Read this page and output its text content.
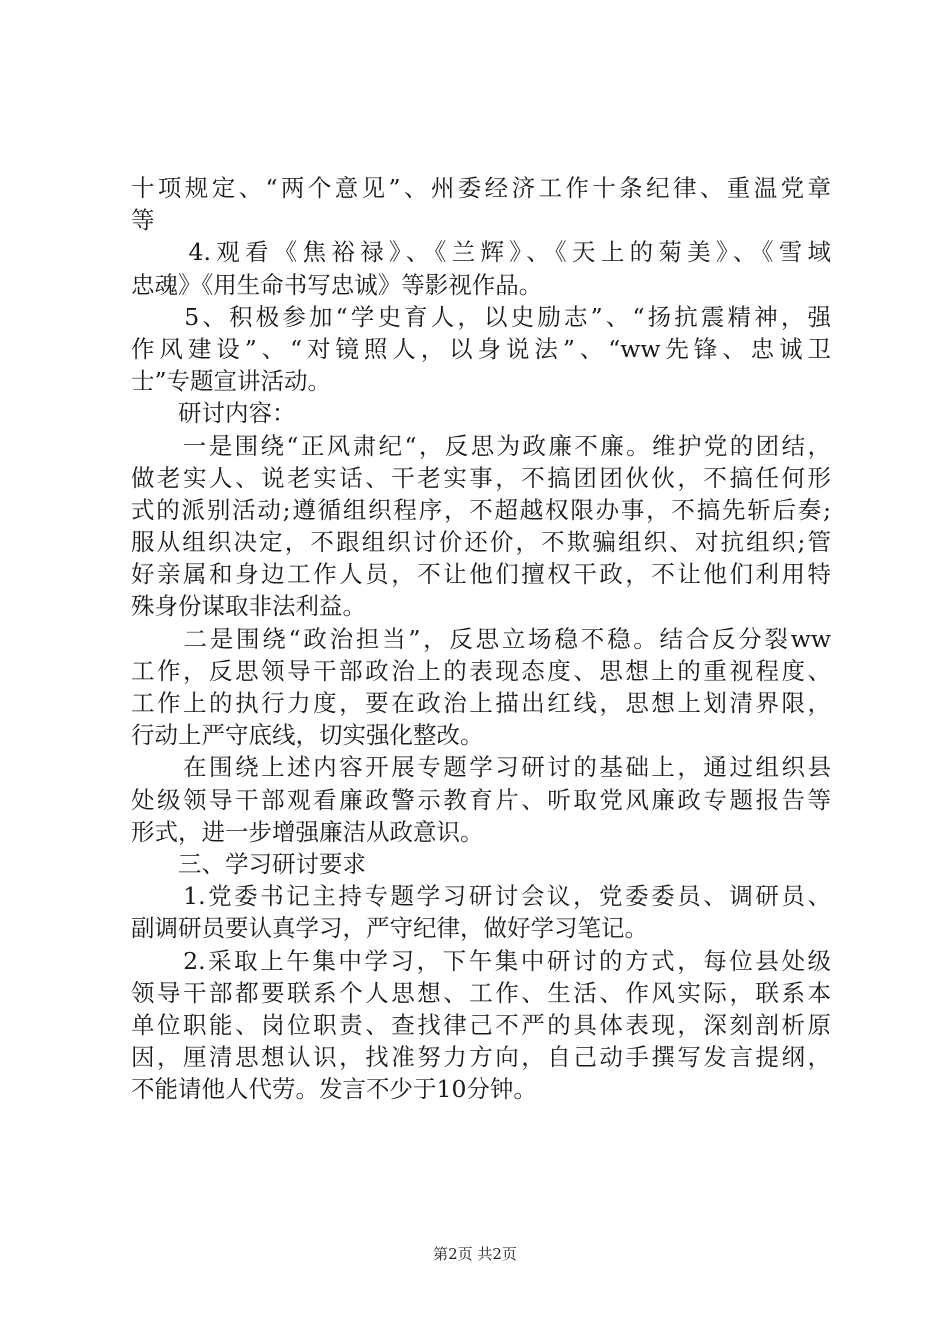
十项规定、“两个意见”、州委经济工作十条纪律、重温党章
等
　　4.观看《焦裕禄》、《兰辉》、《天上的菊美》、《雪域
忠魂》《用生命书写忠诚》等影视作品。
　　5、积极参加“学史育人，以史励志”、“扬抗震精神，强
作风建设”、“对镜照人，以身说法”、“ww先锋、忠诚卫
士”专题宣讲活动。
　　研讨内容：
　　一是围绕“正风肃纪“，反思为政廉不廉。维护党的团结，
做老实人、说老实话、干老实事，不搞团团伙伙，不搞任何形
式的派别活动;遵循组织程序，不超越权限办事，不搞先斩后奏;
服从组织决定，不跟组织讨价还价，不欺骗组织、对抗组织;管
好亲属和身边工作人员，不让他们擅权干政，不让他们利用特
殊身份谋取非法利益。
　　二是围绕“政治担当”，反思立场稳不稳。结合反分裂ww
工作，反思领导干部政治上的表现态度、思想上的重视程度、
工作上的执行力度，要在政治上描出红线，思想上划清界限，
行动上严守底线，切实强化整改。
　　在围绕上述内容开展专题学习研讨的基础上，通过组织县
处级领导干部观看廉政警示教育片、听取党风廉政专题报告等
形式，进一步增强廉洁从政意识。
　　三、学习研讨要求
　　1.党委书记主持专题学习研讨会议，党委委员、调研员、
副调研员要认真学习，严守纪律，做好学习笔记。
　　2.采取上午集中学习，下午集中研讨的方式，每位县处级
领导干部都要联系个人思想、工作、生活、作风实际，联系本
单位职能、岗位职责、查找律己不严的具体表现，深刻剖析原
因，厘清思想认识，找准努力方向，自己动手撰写发言提纲，
不能请他人代劳。发言不少于10分钟。
第2页 共2页
